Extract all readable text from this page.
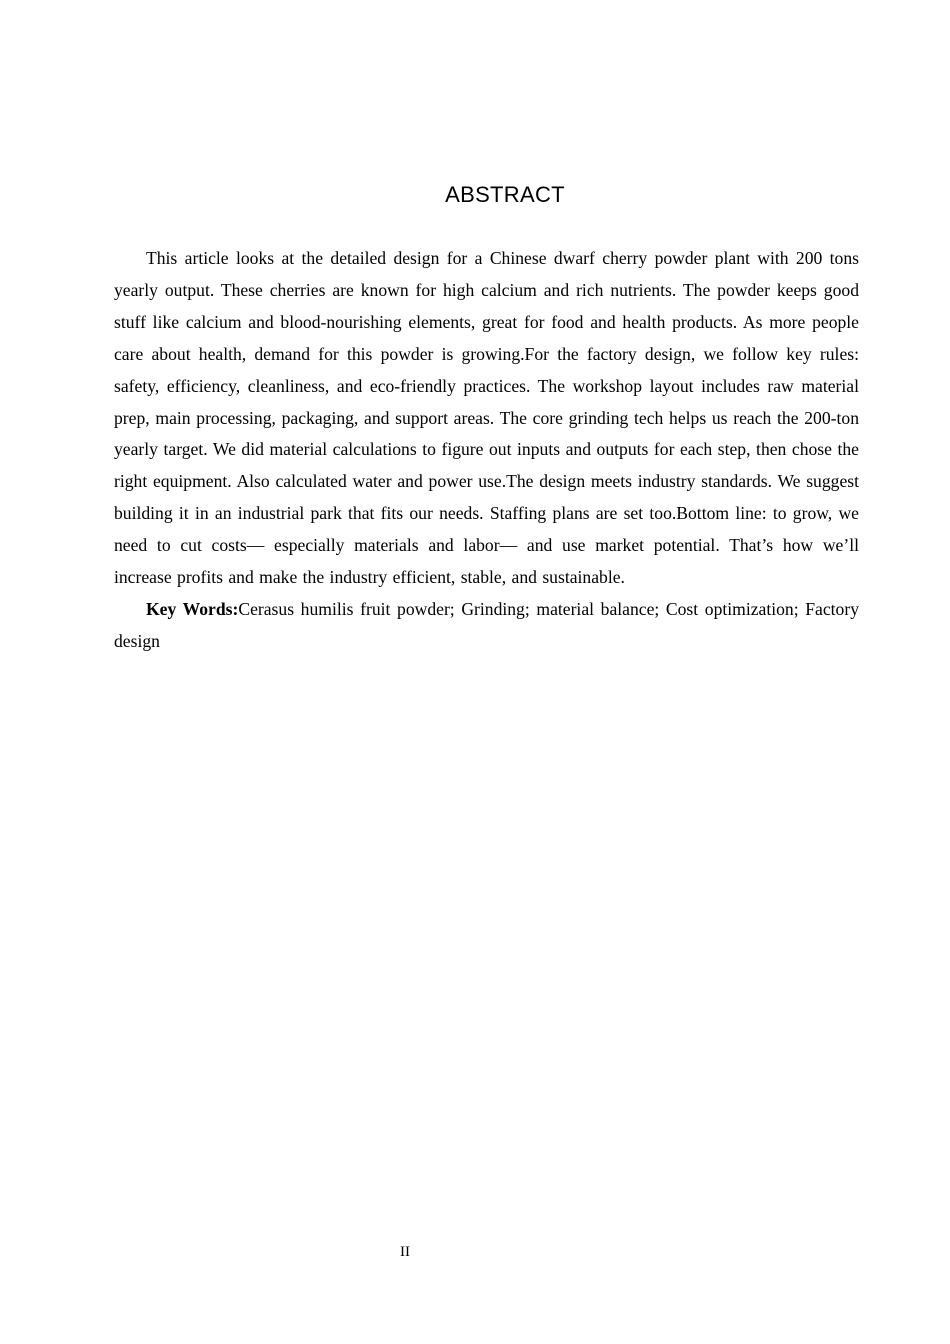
ABSTRACT

This article looks at the detailed design for a Chinese dwarf cherry powder plant with 200 tons yearly output. These cherries are known for high calcium and rich nutrients. The powder keeps good stuff like calcium and blood-nourishing elements, great for food and health products. As more people care about health, demand for this powder is growing.For the factory design, we follow key rules: safety, efficiency, cleanliness, and eco-friendly practices. The workshop layout includes raw material prep, main processing, packaging, and support areas. The core grinding tech helps us reach the 200-ton yearly target. We did material calculations to figure out inputs and outputs for each step, then chose the right equipment. Also calculated water and power use.The design meets industry standards. We suggest building it in an industrial park that fits our needs. Staffing plans are set too.Bottom line: to grow, we need to cut costs— especially materials and labor— and use market potential. That’s how we’ll increase profits and make the industry efficient, stable, and sustainable.

Key Words:Cerasus humilis fruit powder; Grinding; material balance; Cost optimization; Factory design

II
